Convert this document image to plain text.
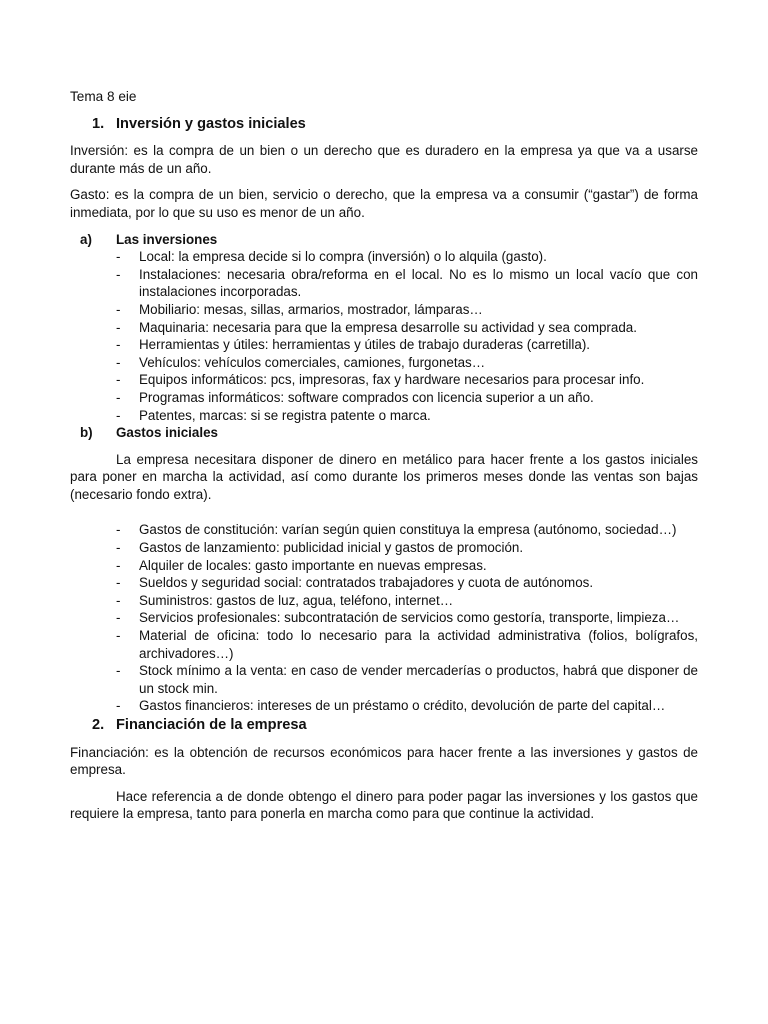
Tema 8 eie
1. Inversión y gastos iniciales

Inversión: es la compra de un bien o un derecho que es duradero en la empresa ya que va a usarse durante más de un año.

Gasto: es la compra de un bien, servicio o derecho, que la empresa va a consumir (“gastar”) de forma inmediata, por lo que su uso es menor de un año.

a)	Las inversiones
- Local: la empresa decide si lo compra (inversión) o lo alquila (gasto).
- Instalaciones: necesaria obra/reforma en el local. No es lo mismo un local vacío que con instalaciones incorporadas.
- Mobiliario: mesas, sillas, armarios, mostrador, lámparas…
- Maquinaria: necesaria para que la empresa desarrolle su actividad y sea comprada.
- Herramientas y útiles: herramientas y útiles de trabajo duraderas (carretilla).
- Vehículos: vehículos comerciales, camiones, furgonetas…
- Equipos informáticos: pcs, impresoras, fax y hardware necesarios para procesar info.
- Programas informáticos: software comprados con licencia superior a un año.
- Patentes, marcas: si se registra patente o marca.
b)	Gastos iniciales

La empresa necesitara disponer de dinero en metálico para hacer frente a los gastos iniciales para poner en marcha la actividad, así como durante los primeros meses donde las ventas son bajas (necesario fondo extra).

- Gastos de constitución: varían según quien constituya la empresa (autónomo, sociedad…)
- Gastos de lanzamiento: publicidad inicial y gastos de promoción.
- Alquiler de locales: gasto importante en nuevas empresas.
- Sueldos y seguridad social: contratados trabajadores y cuota de autónomos.
- Suministros: gastos de luz, agua, teléfono, internet…
- Servicios profesionales: subcontratación de servicios como gestoría, transporte, limpieza…
- Material de oficina: todo lo necesario para la actividad administrativa (folios, bolígrafos, archivadores…)
- Stock mínimo a la venta: en caso de vender mercaderías o productos, habrá que disponer de un stock min.
- Gastos financieros: intereses de un préstamo o crédito, devolución de parte del capital…
2. Financiación de la empresa

Financiación: es la obtención de recursos económicos para hacer frente a las inversiones y gastos de empresa.

Hace referencia a de donde obtengo el dinero para poder pagar las inversiones y los gastos que requiere la empresa, tanto para ponerla en marcha como para que continue la actividad.
